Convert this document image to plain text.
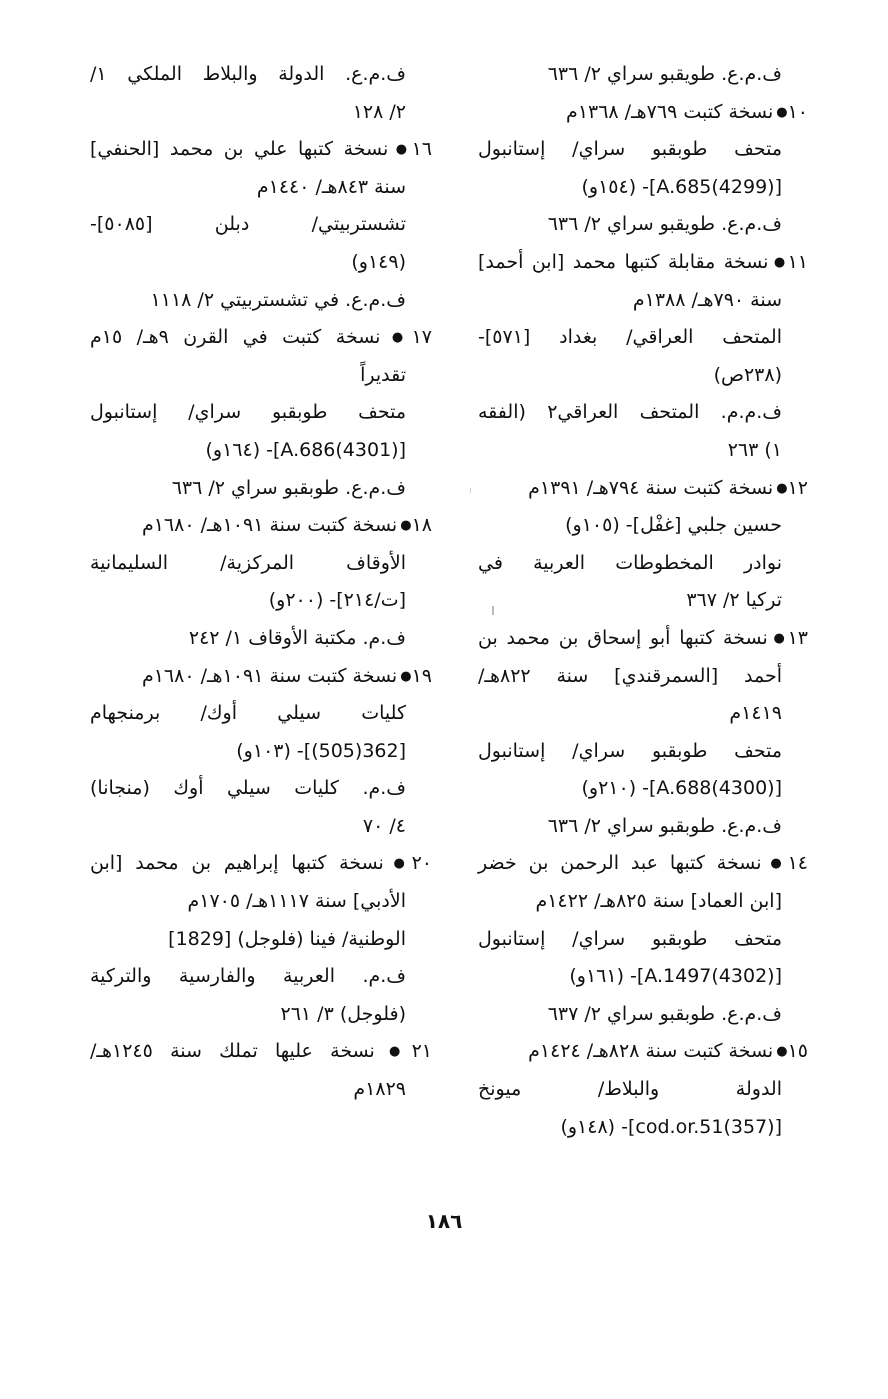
ف.م.ع. طويقبو سراي ٢/ ٦٣٦
١٠●نسخة كتبت ٧٦٩هـ/ ١٣٦٨م
متحف طوبقبو سراي/ إستانبول
[A.685(4299)]- (١٥٤و)
ف.م.ع. طويقبو سراي ٢/ ٦٣٦
١١●نسخة مقابلة كتبها محمد [ابن أحمد]
سنة ٧٩٠هـ/ ١٣٨٨م
المتحف العراقي/ بغداد [٥٧١]-
(٢٣٨ص)
ف.م.م. المتحف العراقي٢ (الفقه
١) ٢٦٣
١٢●نسخة كتبت سنة ٧٩٤هـ/ ١٣٩١م
حسين جلبي [غفْل]- (١٠٥و)
نوادر المخطوطات العربية في
تركيا ٢/ ٣٦٧
١٣●نسخة كتبها أبو إسحاق بن محمد بن
أحمد [السمرقندي] سنة ٨٢٢هـ/
١٤١٩م
متحف طوبقبو سراي/ إستانبول
[A.688(4300)]- (٢١٠و)
ف.م.ع. طوبقبو سراي ٢/ ٦٣٦
١٤●نسخة كتبها عبد الرحمن بن خضر
[ابن العماد] سنة ٨٢٥هـ/ ١٤٢٢م
متحف طوبقبو سراي/ إستانبول
[A.1497(4302)]- (١٦١و)
ف.م.ع. طوبقبو سراي ٢/ ٦٣٧
١٥●نسخة كتبت سنة ٨٢٨هـ/ ١٤٢٤م
الدولة والبلاط/ ميونخ
[cod.or.51(357)]- (١٤٨و)
ف.م.ع. الدولة والبلاط الملكي ١/
٢/ ١٢٨
١٦●نسخة كتبها علي بن محمد [الحنفي]
سنة ٨٤٣هـ/ ١٤٤٠م
تشستربيتي/ دبلن [٥٠٨٥]-
(١٤٩و)
ف.م.ع. في تشستربيتي ٢/ ١١١٨
١٧●نسخة كتبت في القرن ٩هـ/ ١٥م
تقديراً
متحف طوبقبو سراي/ إستانبول
[A.686(4301)]- (١٦٤و)
ف.م.ع. طوبقبو سراي ٢/ ٦٣٦
١٨●نسخة كتبت سنة ١٠٩١هـ/ ١٦٨٠م
الأوقاف المركزية/ السليمانية
[ت/٢١٤]- (٢٠٠و)
ف.م. مكتبة الأوقاف ١/ ٢٤٢
١٩●نسخة كتبت سنة ١٠٩١هـ/ ١٦٨٠م
كليات سيلي أوك/ برمنجهام
[362(505)]- (١٠٣و)
ف.م. كليات سيلي أوك (منجانا)
٤/ ٧٠
٢٠●نسخة كتبها إبراهيم بن محمد [ابن
الأدبي] سنة ١١١٧هـ/ ١٧٠٥م
الوطنية/ فينا (فلوجل) [1829]
ف.م. العربية والفارسية والتركية
(فلوجل) ٣/ ٢٦١
٢١●نسخة عليها تملك سنة ١٢٤٥هـ/
١٨٢٩م
١٨٦
